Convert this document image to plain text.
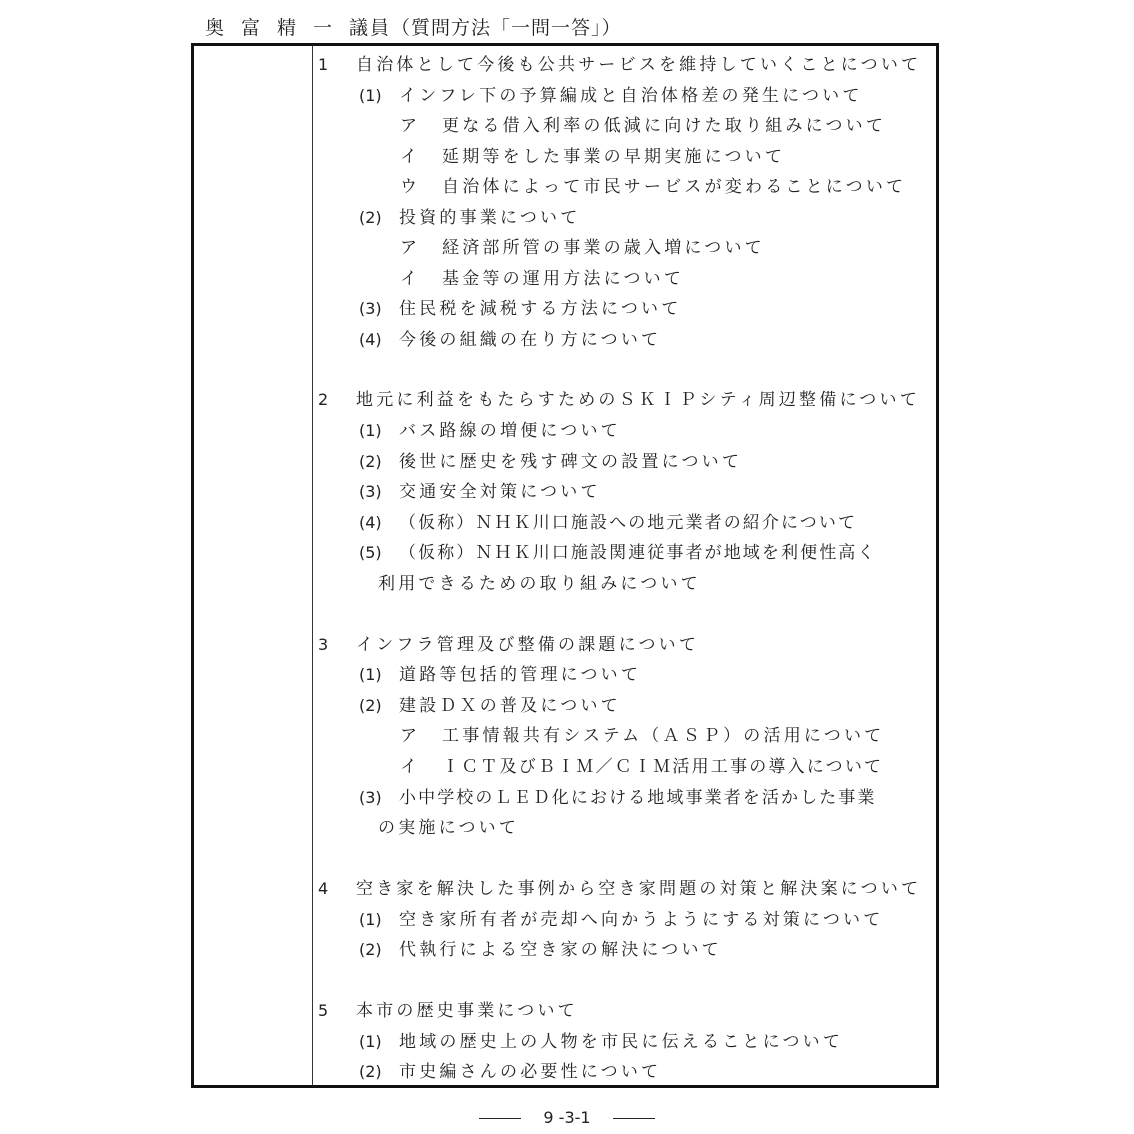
奥富精一議員（質問方法「一問一答」）
1 自治体として今後も公共サービスを維持していくことについて
(1) インフレ下の予算編成と自治体格差の発生について
ア 更なる借入利率の低減に向けた取り組みについて
イ 延期等をした事業の早期実施について
ウ 自治体によって市民サービスが変わることについて
(2) 投資的事業について
ア 経済部所管の事業の歳入増について
イ 基金等の運用方法について
(3) 住民税を減税する方法について
(4) 今後の組織の在り方について
2 地元に利益をもたらすためのＳＫＩＰシティ周辺整備について
(1) バス路線の増便について
(2) 後世に歴史を残す碑文の設置について
(3) 交通安全対策について
(4) （仮称）ＮＨＫ川口施設への地元業者の紹介について
(5) （仮称）ＮＨＫ川口施設関連従事者が地域を利便性高く
利用できるための取り組みについて
3 インフラ管理及び整備の課題について
(1) 道路等包括的管理について
(2) 建設ＤＸの普及について
ア 工事情報共有システム（ＡＳＰ）の活用について
イ ＩＣＴ及びＢＩＭ／ＣＩＭ活用工事の導入について
(3) 小中学校のＬＥＤ化における地域事業者を活かした事業
の実施について
4 空き家を解決した事例から空き家問題の対策と解決案について
(1) 空き家所有者が売却へ向かうようにする対策について
(2) 代執行による空き家の解決について
5 本市の歴史事業について
(1) 地域の歴史上の人物を市民に伝えることについて
(2) 市史編さんの必要性について
9 -3-1
